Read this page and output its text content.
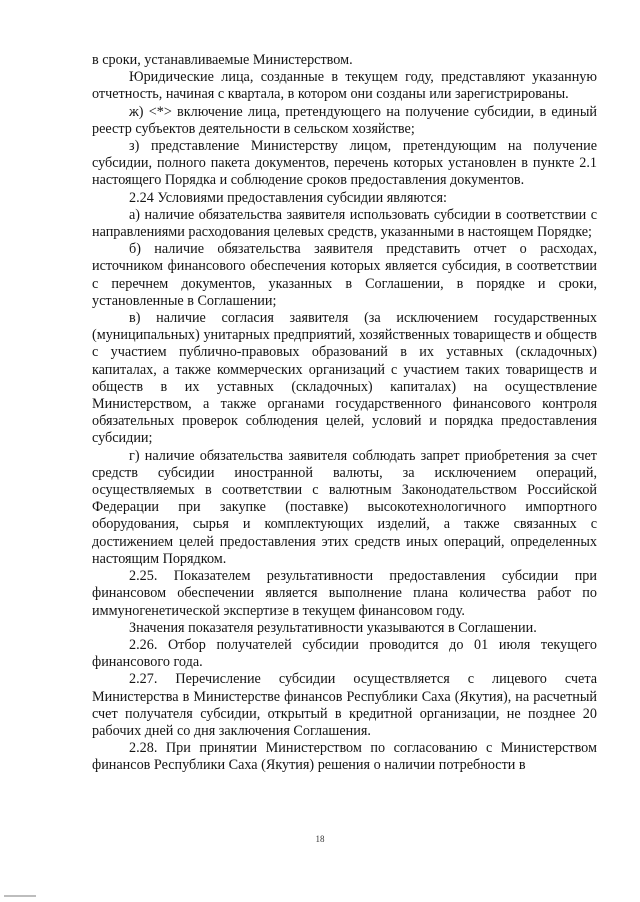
в сроки, устанавливаемые Министерством.

Юридические лица, созданные в текущем году, представляют указанную отчетность, начиная с квартала, в котором они созданы или зарегистрированы.

ж) <*> включение лица, претендующего на получение субсидии, в единый реестр субъектов деятельности в сельском хозяйстве;

з) представление Министерству лицом, претендующим на получение субсидии, полного пакета документов, перечень которых установлен в пункте 2.1 настоящего Порядка и соблюдение сроков предоставления документов.

2.24 Условиями предоставления субсидии являются:

а) наличие обязательства заявителя использовать субсидии в соответствии с направлениями расходования целевых средств, указанными в настоящем Порядке;

б) наличие обязательства заявителя представить отчет о расходах, источником финансового обеспечения которых является субсидия, в соответствии с перечнем документов, указанных в Соглашении, в порядке и сроки, установленные в Соглашении;

в) наличие согласия заявителя (за исключением государственных (муниципальных) унитарных предприятий, хозяйственных товариществ и обществ с участием публично-правовых образований в их уставных (складочных) капиталах, а также коммерческих организаций с участием таких товариществ и обществ в их уставных (складочных) капиталах) на осуществление Министерством, а также органами государственного финансового контроля обязательных проверок соблюдения целей, условий и порядка предоставления субсидии;

г) наличие обязательства заявителя соблюдать запрет приобретения за счет средств субсидии иностранной валюты, за исключением операций, осуществляемых в соответствии с валютным Законодательством Российской Федерации при закупке (поставке) высокотехнологичного импортного оборудования, сырья и комплектующих изделий, а также связанных с достижением целей предоставления этих средств иных операций, определенных настоящим Порядком.

2.25. Показателем результативности предоставления субсидии при финансовом обеспечении является выполнение плана количества работ по иммуногенетической экспертизе в текущем финансовом году.

Значения показателя результативности указываются в Соглашении.

2.26. Отбор получателей субсидии проводится до 01 июля текущего финансового года.

2.27. Перечисление субсидии осуществляется с лицевого счета Министерства в Министерстве финансов Республики Саха (Якутия), на расчетный счет получателя субсидии, открытый в кредитной организации, не позднее 20 рабочих дней со дня заключения Соглашения.

2.28. При принятии Министерством по согласованию с Министерством финансов Республики Саха (Якутия) решения о наличии потребности в

18
